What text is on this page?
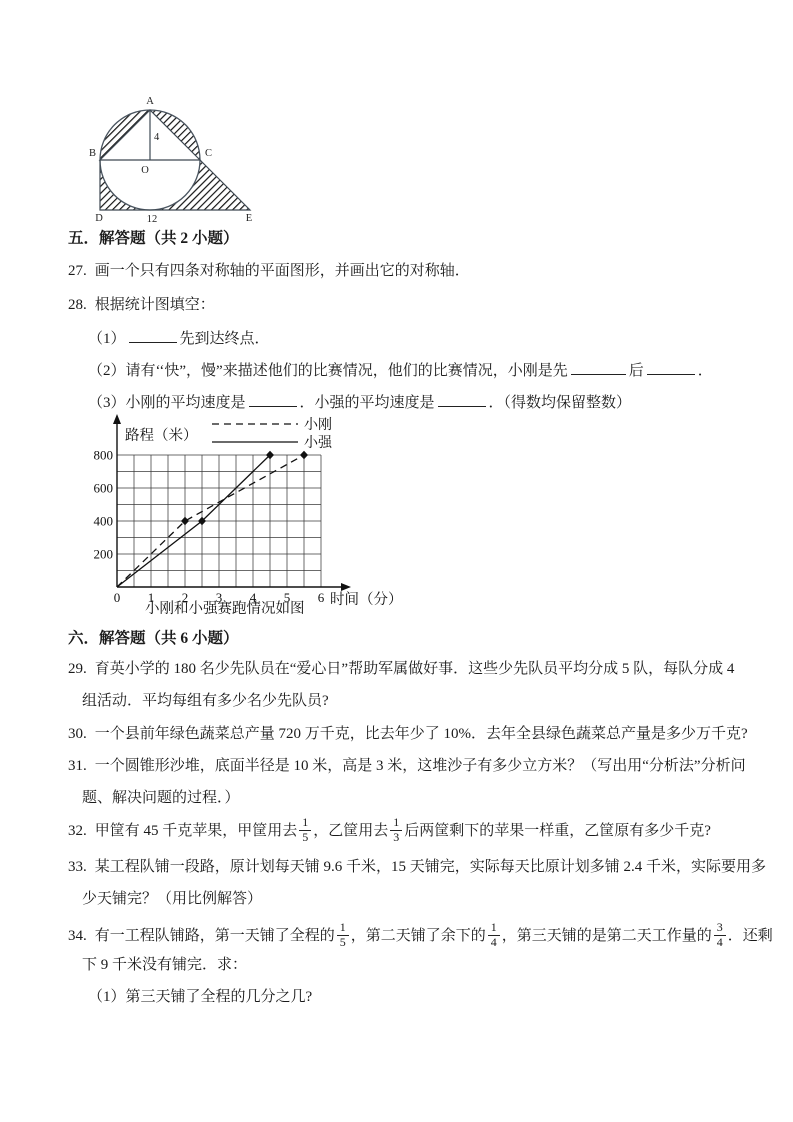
A
B	C
O
D	E
4
12
五．解答题（共 2 小题）
27. 画一个只有四条对称轴的平面图形，并画出它的对称轴．
28. 根据统计图填空：
（1）	先到达终点．
（2）请有‘‘快”，慢”来描述他们的比赛情况，他们的比赛情况，小刚是先	后	．
（3）小刚的平均速度是	．小强的平均速度是	．（得数均保留整数）
0 1 2 3 4 5 6
200
400
600
800
路程（米）
时间（分）
小刚
小强
小刚和小强赛跑情况如图
六．解答题（共 6 小题）
29. 育英小学的 180 名少先队员在“爱心日”帮助军属做好事．这些少先队员平均分成 5 队，每队分成 4
组活动．平均每组有多少名少先队员?
30. 一个县前年绿色蔬菜总产量 720 万千克，比去年少了 10%．去年全县绿色蔬菜总产量是多少万千克?
31. 一个圆锥形沙堆，底面半径是 10 米，高是 3 米，这堆沙子有多少立方米？（写出用“分析法”分析问
题、解决问题的过程．）
32. 甲筐有 45 千克苹果，甲筐用去 $\frac{1}{5}$ ，乙筐用去 $\frac{1}{3}$ 后两筐剩下的苹果一样重，乙筐原有多少千克?
33. 某工程队铺一段路，原计划每天铺 9.6 千米，15 天铺完，实际每天比原计划多铺 2.4 千米，实际要用多
少天铺完？（用比例解答）
34. 有一工程队铺路，第一天铺了全程的 $\frac{1}{5}$ ，第二天铺了余下的 $\frac{1}{4}$ ，第三天铺的是第二天工作量的 $\frac{3}{4}$ ．还剩
下 9 千米没有铺完．求：
（1）第三天铺了全程的几分之几?
